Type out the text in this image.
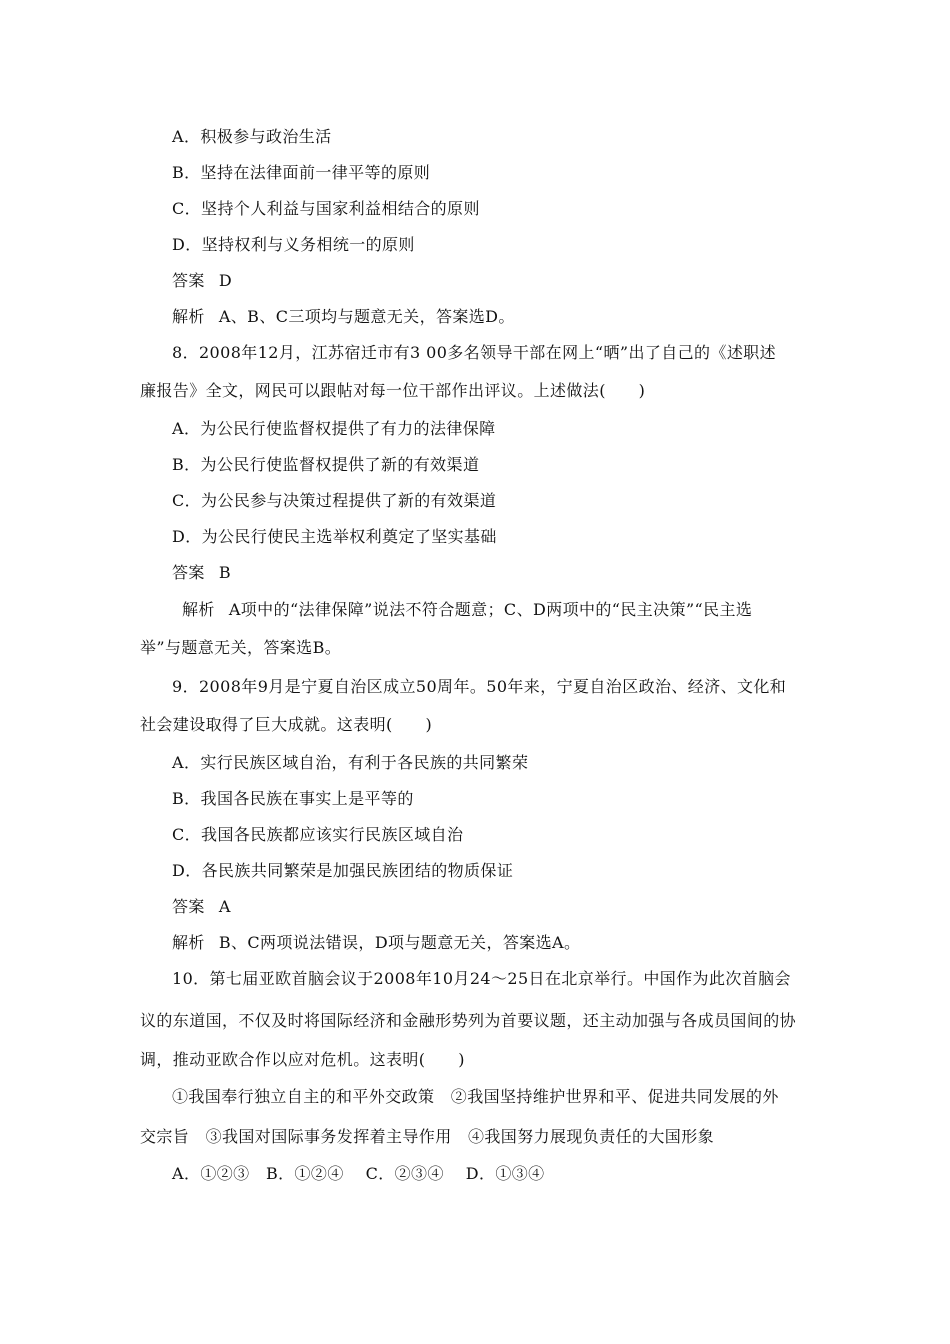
A．积极参与政治生活
B．坚持在法律面前一律平等的原则
C．坚持个人利益与国家利益相结合的原则
D．坚持权利与义务相统一的原则
答案 D
解析 A、B、C三项均与题意无关，答案选D。
8．2008年12月，江苏宿迁市有3 00多名领导干部在网上“晒”出了自己的《述职述
廉报告》全文，网民可以跟帖对每一位干部作出评议。上述做法(　　)
A．为公民行使监督权提供了有力的法律保障
B．为公民行使监督权提供了新的有效渠道
C．为公民参与决策过程提供了新的有效渠道
D．为公民行使民主选举权利奠定了坚实基础
答案 B
解析 A项中的“法律保障”说法不符合题意；C、D两项中的“民主决策”“民主选
举”与题意无关，答案选B。
9．2008年9月是宁夏自治区成立50周年。50年来，宁夏自治区政治、经济、文化和
社会建设取得了巨大成就。这表明(　　)
A．实行民族区域自治，有利于各民族的共同繁荣
B．我国各民族在事实上是平等的
C．我国各民族都应该实行民族区域自治
D．各民族共同繁荣是加强民族团结的物质保证
答案 A
解析 B、C两项说法错误，D项与题意无关，答案选A。
10．第七届亚欧首脑会议于2008年10月24～25日在北京举行。中国作为此次首脑会
议的东道国，不仅及时将国际经济和金融形势列为首要议题，还主动加强与各成员国间的协
调，推动亚欧合作以应对危机。这表明(　　)
①我国奉行独立自主的和平外交政策　②我国坚持维护世界和平、促进共同发展的外
交宗旨　③我国对国际事务发挥着主导作用　④我国努力展现负责任的大国形象
A．①②③　B．①②④　 C．②③④　 D．①③④
